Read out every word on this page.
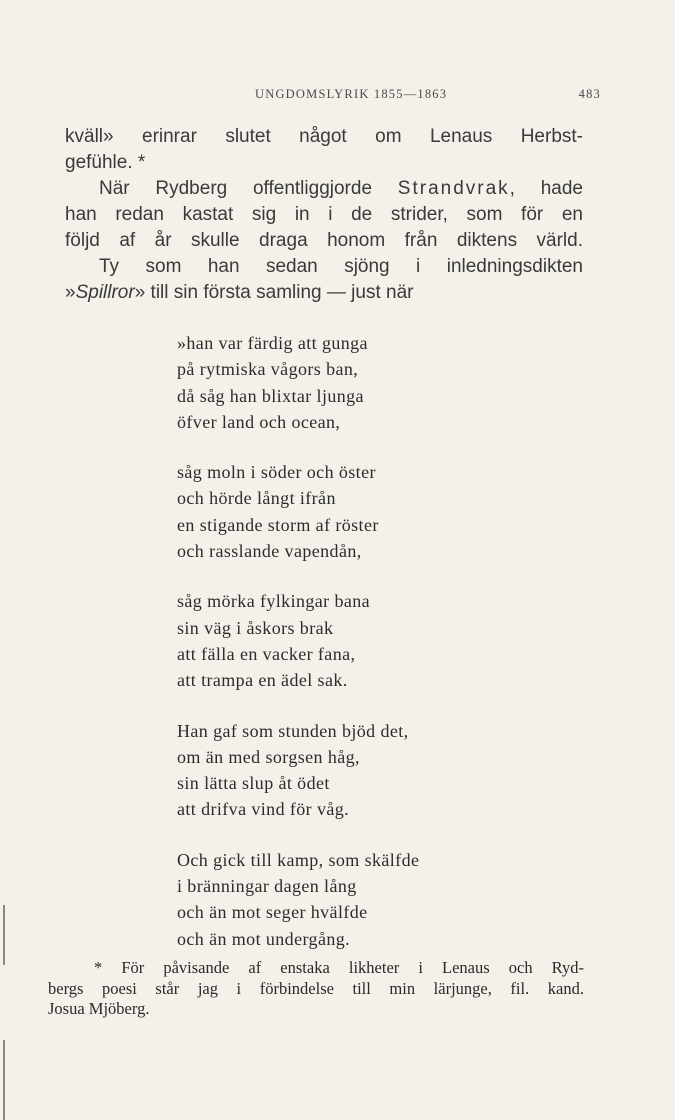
UNGDOMSLYRIK 1855—1863	483

kväll» erinrar slutet något om Lenaus Herbst-

gefühle. *

När Rydberg offentliggjorde Strandvrak, hade

han redan kastat sig in i de strider, som för en

följd af år skulle draga honom från diktens värld.

Ty som han sedan sjöng i inledningsdikten

»Spillror» till sin första samling — just när

»han var färdig att gunga
på rytmiska vågors ban,
då såg han blixtar ljunga
öfver land och ocean,
såg moln i söder och öster
och hörde långt ifrån
en stigande storm af röster
och rasslande vapendån,
såg mörka fylkingar bana
sin väg i åskors brak
att fälla en vacker fana,
att trampa en ädel sak.
Han gaf som stunden bjöd det,
om än med sorgsen håg,
sin lätta slup åt ödet
att drifva vind för våg.
Och gick till kamp, som skälfde
i bränningar dagen lång
och än mot seger hvälfde
och än mot undergång.

* För påvisande af enstaka likheter i Lenaus och Ryd-

bergs poesi står jag i förbindelse till min lärjunge, fil. kand.

Josua Mjöberg.
